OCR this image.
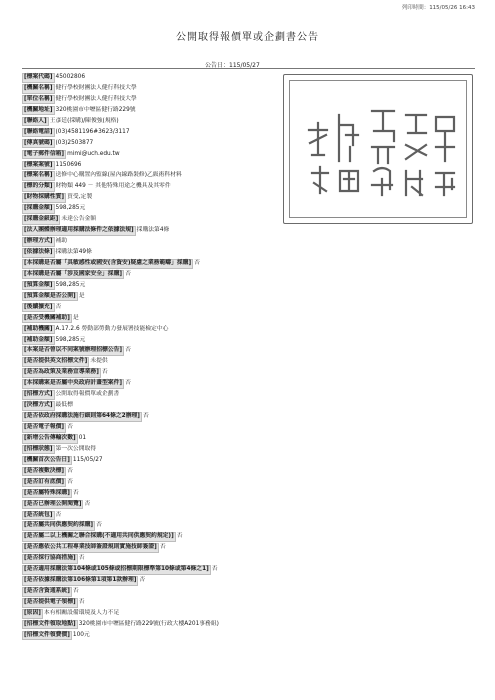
列印時間：115/05/26 16:43
公開取得報價單或企劃書公告
公告日：115/05/27
[標案代碼] 45002806
[機關名稱] 健行學校財團法人健行科技大學
[單位名稱] 健行學校財團法人健行科技大學
[機關地址] 320桃園市中壢區健行路229號
[聯絡人] 王彥廷(採購)/陳俊強(規格)
[聯絡電話] (03)4581196#3623/3117
[傳真號碼] (03)2503877
[電子郵件信箱] mimi@uch.edu.tw
[標案案號] 1150696
[標案名稱] 送修中心購置內監線(屋內線路裝修)乙級術科材料
[標的分類] 財物類 449 － 其他特殊用途之機具及其零件
[財物採購性質] 買受,定製
[採購金額] 598,285元
[採購金級距] 未達公告金額
[法人團體辦理適用採購法條件之依據法規] 採購法第4條
[辦理方式] 補助
[依據法條] 採購法第49條
[本採購是否屬「具敏感性或國安(含資安)疑慮之業務範疇」採購] 否
[本採購是否屬「涉及國家安全」採購] 否
[預算金額] 598,285元
[預算金額是否公開] 是
[後續擴充] 否
[是否受機關補助] 是
[補助機關] A.17.2.6 勞動部勞動力發展署技能檢定中心
[補助金額] 598,285元
[本案是否曾以不同案號辦理招標公告] 否
[是否提供英文招標文件] 未提供
[是否為政策及業務宣導業務] 否
[本採購案是否屬中央政府計畫型案件] 否
[招標方式] 公開取得報價單或企劃書
[決標方式] 最低標
[是否依政府採購法施行細則第64條之2辦理] 否
[是否電子報價] 否
[新增公告傳輸次數] 01
[招標狀態] 第一次公開取得
[機關首次公告日] 115/05/27
[是否複數決標] 否
[是否訂有底價] 否
[是否屬特殊採購] 否
[是否已辦理公開閱覽] 否
[是否統包] 否
[是否屬共同供應契約採購] 否
[是否屬二以上機關之聯合採購(不適用共同供應契約規定)] 否
[是否應依公共工程專業技師簽證規則實施技師簽證] 否
[是否採行協商措施] 否
[是否適用採購法第104條或105條或招標期限標準第10條或第4條之1] 否
[是否依據採購法第106條第1項第1款辦理] 否
[是否含資通系統] 否
[是否提供電子領標] 否
[原因] 本有相關設備環境及人力不足
[招標文件領取地點] 320桃園市中壢區健行路229號(行政大樓A201事務組)
[招標文件領費價] 100元
